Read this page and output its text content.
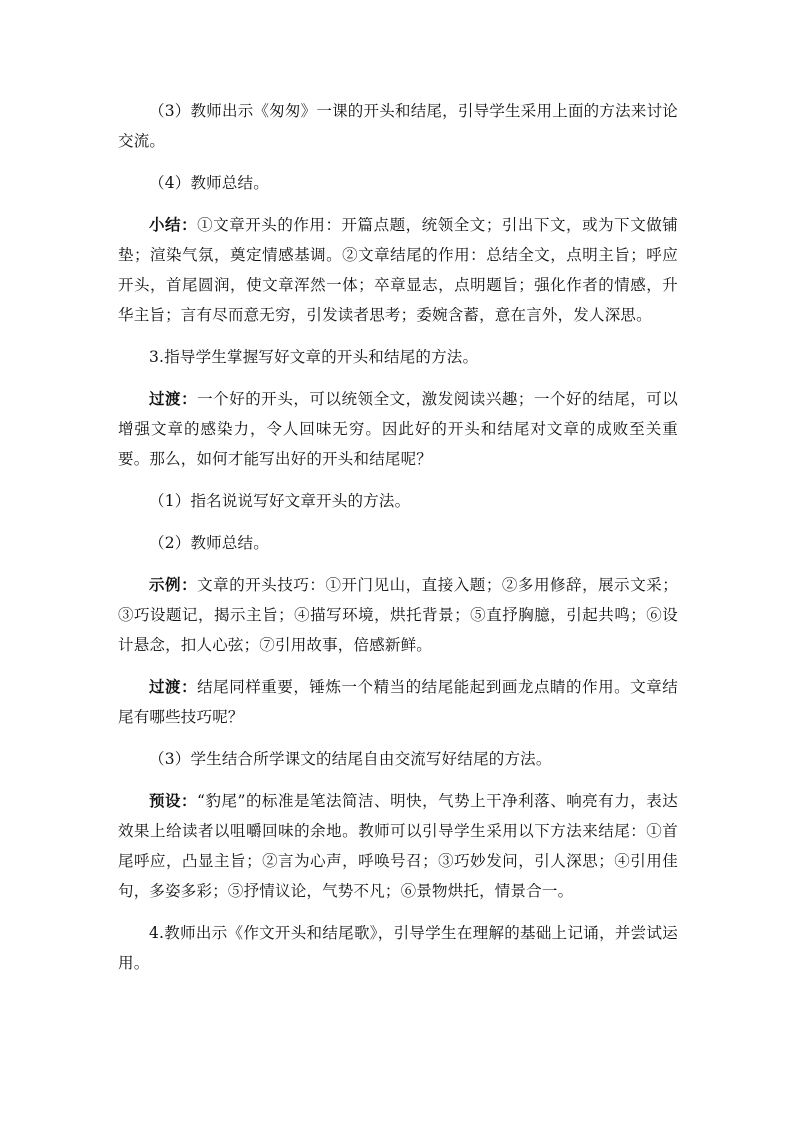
（3）教师出示《匆匆》一课的开头和结尾，引导学生采用上面的方法来讨论交流。

（4）教师总结。

小结：①文章开头的作用：开篇点题，统领全文；引出下文，或为下文做铺垫；渲染气氛，奠定情感基调。②文章结尾的作用：总结全文，点明主旨；呼应开头，首尾圆润，使文章浑然一体；卒章显志，点明题旨；强化作者的情感，升华主旨；言有尽而意无穷，引发读者思考；委婉含蓄，意在言外，发人深思。

3.指导学生掌握写好文章的开头和结尾的方法。

过渡：一个好的开头，可以统领全文，激发阅读兴趣；一个好的结尾，可以增强文章的感染力，令人回味无穷。因此好的开头和结尾对文章的成败至关重要。那么，如何才能写出好的开头和结尾呢？

（1）指名说说写好文章开头的方法。

（2）教师总结。

示例：文章的开头技巧：①开门见山，直接入题；②多用修辞，展示文采；③巧设题记，揭示主旨；④描写环境，烘托背景；⑤直抒胸臆，引起共鸣；⑥设计悬念，扣人心弦；⑦引用故事，倍感新鲜。

过渡：结尾同样重要，锤炼一个精当的结尾能起到画龙点睛的作用。文章结尾有哪些技巧呢？

（3）学生结合所学课文的结尾自由交流写好结尾的方法。

预设：“豹尾”的标准是笔法简洁、明快，气势上干净利落、响亮有力，表达效果上给读者以咀嚼回味的余地。教师可以引导学生采用以下方法来结尾：①首尾呼应，凸显主旨；②言为心声，呼唤号召；③巧妙发问，引人深思；④引用佳句，多姿多彩；⑤抒情议论，气势不凡；⑥景物烘托，情景合一。

4.教师出示《作文开头和结尾歌》，引导学生在理解的基础上记诵，并尝试运用。
